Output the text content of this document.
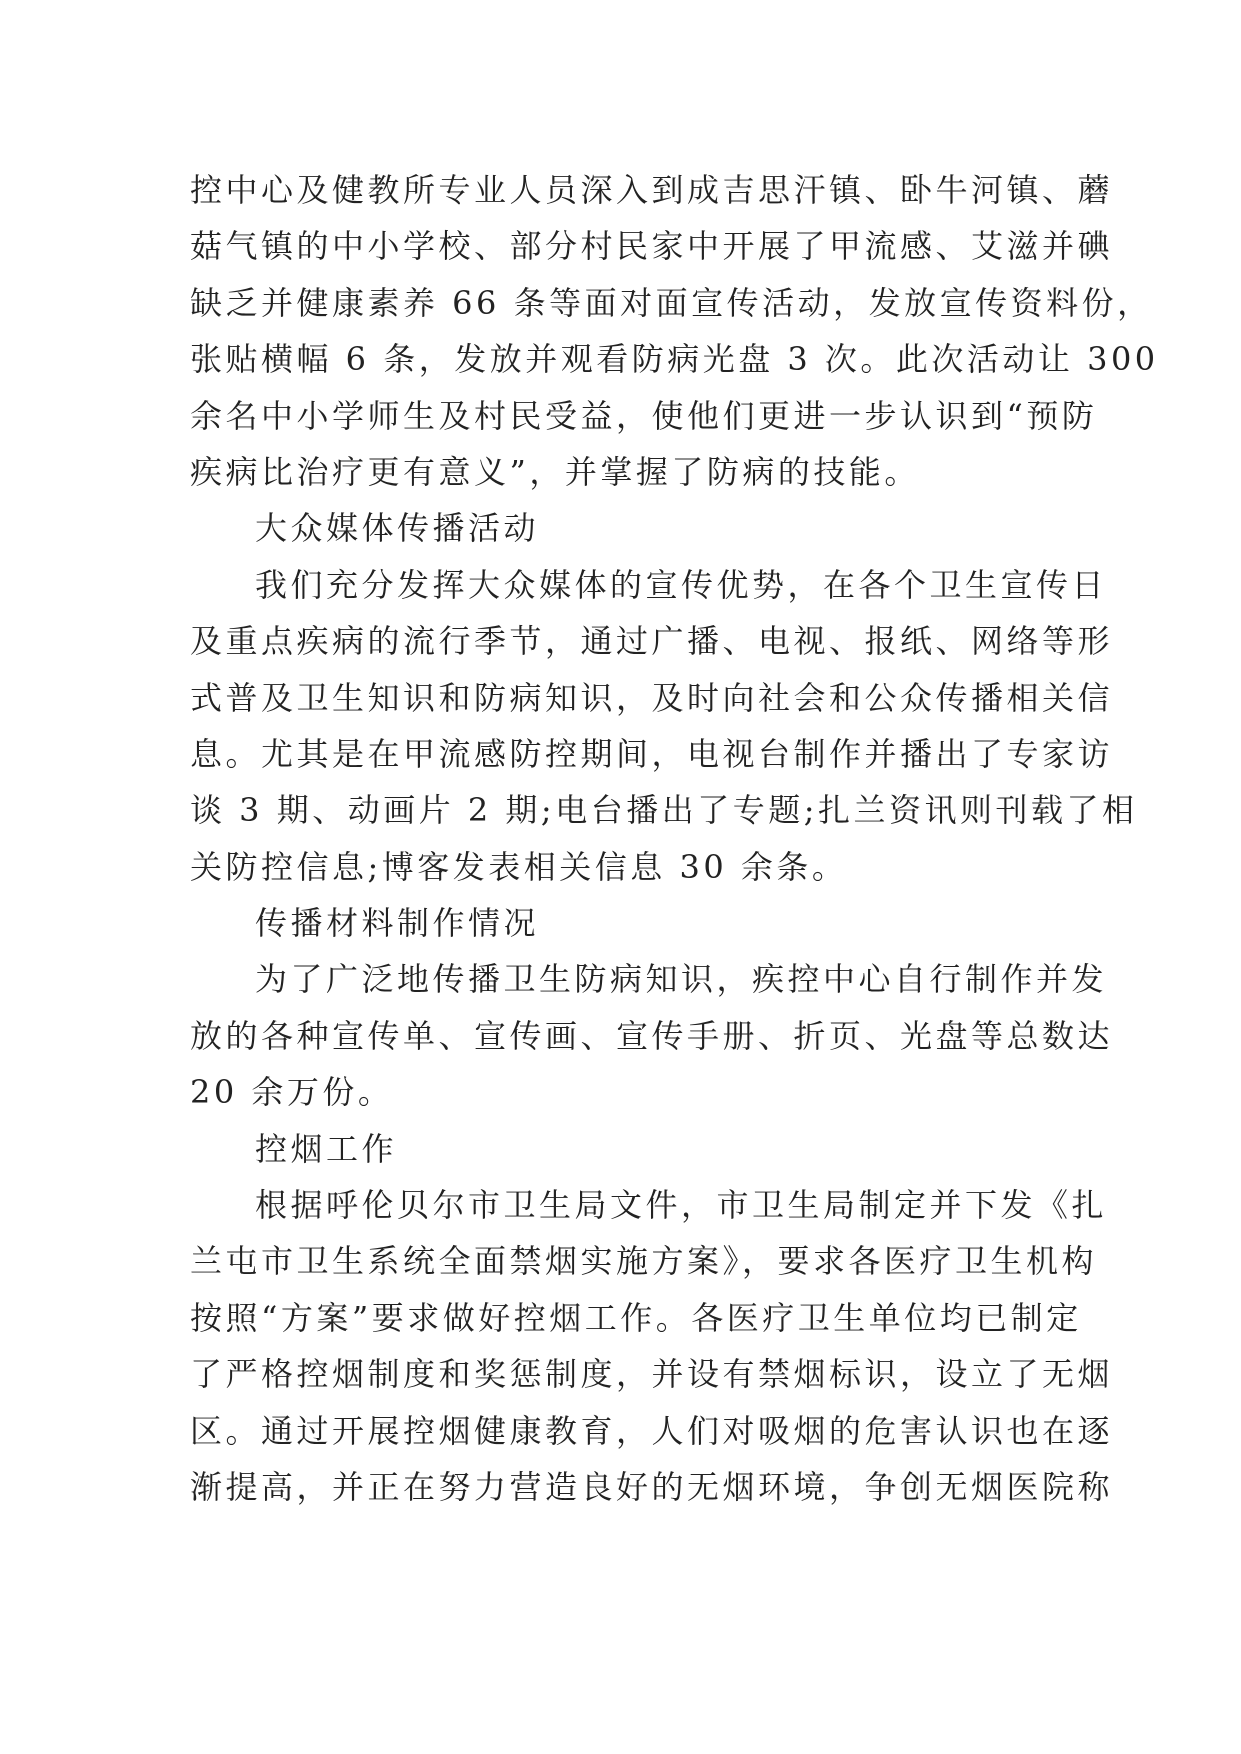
控中心及健教所专业人员深入到成吉思汗镇、卧牛河镇、蘑
菇气镇的中小学校、部分村民家中开展了甲流感、艾滋并碘
缺乏并健康素养 66 条等面对面宣传活动，发放宣传资料份，
张贴横幅 6 条，发放并观看防病光盘 3 次。此次活动让 300
余名中小学师生及村民受益，使他们更进一步认识到“预防
疾病比治疗更有意义”，并掌握了防病的技能。
大众媒体传播活动
我们充分发挥大众媒体的宣传优势，在各个卫生宣传日
及重点疾病的流行季节，通过广播、电视、报纸、网络等形
式普及卫生知识和防病知识，及时向社会和公众传播相关信
息。尤其是在甲流感防控期间，电视台制作并播出了专家访
谈 3 期、动画片 2 期;电台播出了专题;扎兰资讯则刊载了相
关防控信息;博客发表相关信息 30 余条。
传播材料制作情况
为了广泛地传播卫生防病知识，疾控中心自行制作并发
放的各种宣传单、宣传画、宣传手册、折页、光盘等总数达
20 余万份。
控烟工作
根据呼伦贝尔市卫生局文件，市卫生局制定并下发《扎
兰屯市卫生系统全面禁烟实施方案》，要求各医疗卫生机构
按照“方案”要求做好控烟工作。各医疗卫生单位均已制定
了严格控烟制度和奖惩制度，并设有禁烟标识，设立了无烟
区。通过开展控烟健康教育，人们对吸烟的危害认识也在逐
渐提高，并正在努力营造良好的无烟环境，争创无烟医院称
